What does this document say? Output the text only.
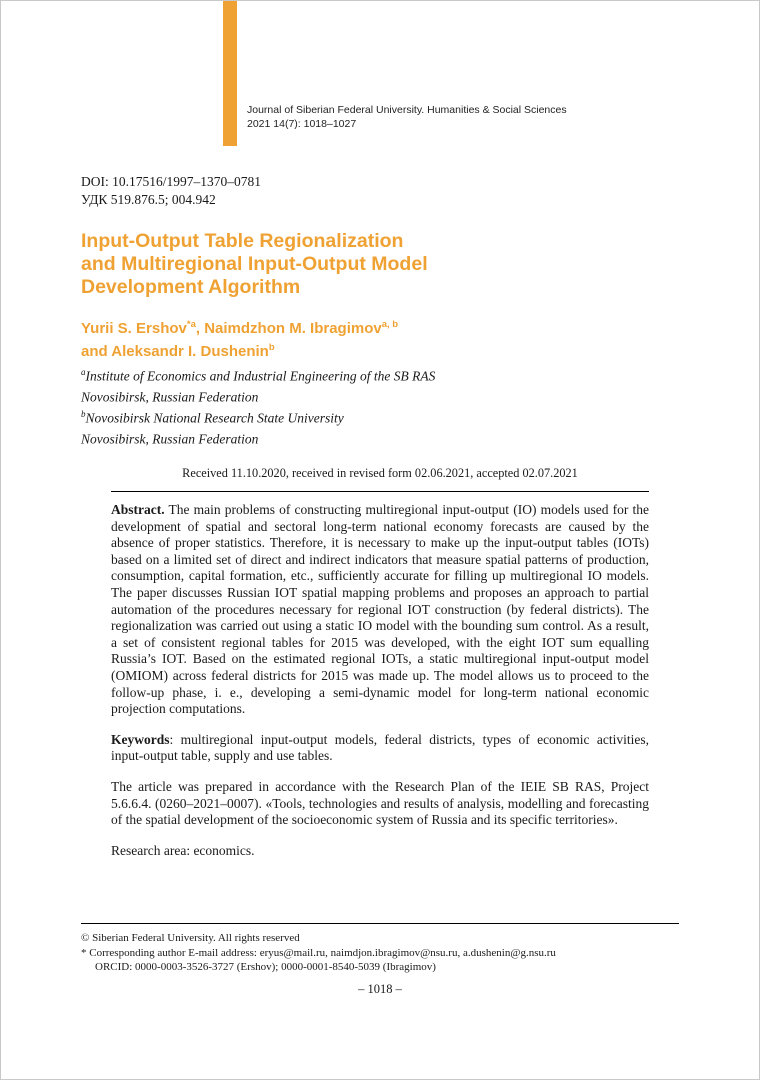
Journal of Siberian Federal University. Humanities & Social Sciences
2021 14(7): 1018–1027
DOI: 10.17516/1997–1370–0781
УДК 519.876.5; 004.942
Input-Output Table Regionalization
and Multiregional Input-Output Model
Development Algorithm
Yurii S. Ershov$^{*a}$, Naimdzhon M. Ibragimov$^{a, b}$
and Aleksandr I. Dushenin$^b$
$^a$Institute of Economics and Industrial Engineering of the SB RAS
Novosibirsk, Russian Federation
$^b$Novosibirsk National Research State University
Novosibirsk, Russian Federation
Received 11.10.2020, received in revised form 02.06.2021, accepted 02.07.2021

Abstract. The main problems of constructing multiregional input-output (IO) models used for the development of spatial and sectoral long-term national economy forecasts are caused by the absence of proper statistics. Therefore, it is necessary to make up the input-output tables (IOTs) based on a limited set of direct and indirect indicators that measure spatial patterns of production, consumption, capital formation, etc., sufficiently accurate for filling up multiregional IO models. The paper discusses Russian IOT spatial mapping problems and proposes an approach to partial automation of the procedures necessary for regional IOT construction (by federal districts). The regionalization was carried out using a static IO model with the bounding sum control. As a result, a set of consistent regional tables for 2015 was developed, with the eight IOT sum equalling Russia’s IOT. Based on the estimated regional IOTs, a static multiregional input-output model (OMIOM) across federal districts for 2015 was made up. The model allows us to proceed to the follow-up phase, i. e., developing a semi-dynamic model for long-term national economic projection computations.

Keywords: multiregional input-output models, federal districts, types of economic activities, input-output table, supply and use tables.

The article was prepared in accordance with the Research Plan of the IEIE SB RAS, Project 5.6.6.4. (0260–2021–0007). «Tools, technologies and results of analysis, modelling and forecasting of the spatial development of the socioeconomic system of Russia and its specific territories».

Research area: economics.

© Siberian Federal University. All rights reserved
* Corresponding author E-mail address: eryus@mail.ru, naimdjon.ibragimov@nsu.ru, a.dushenin@g.nsu.ru
ORCID: 0000-0003-3526-3727 (Ershov); 0000-0001-8540-5039 (Ibragimov)
– 1018 –
